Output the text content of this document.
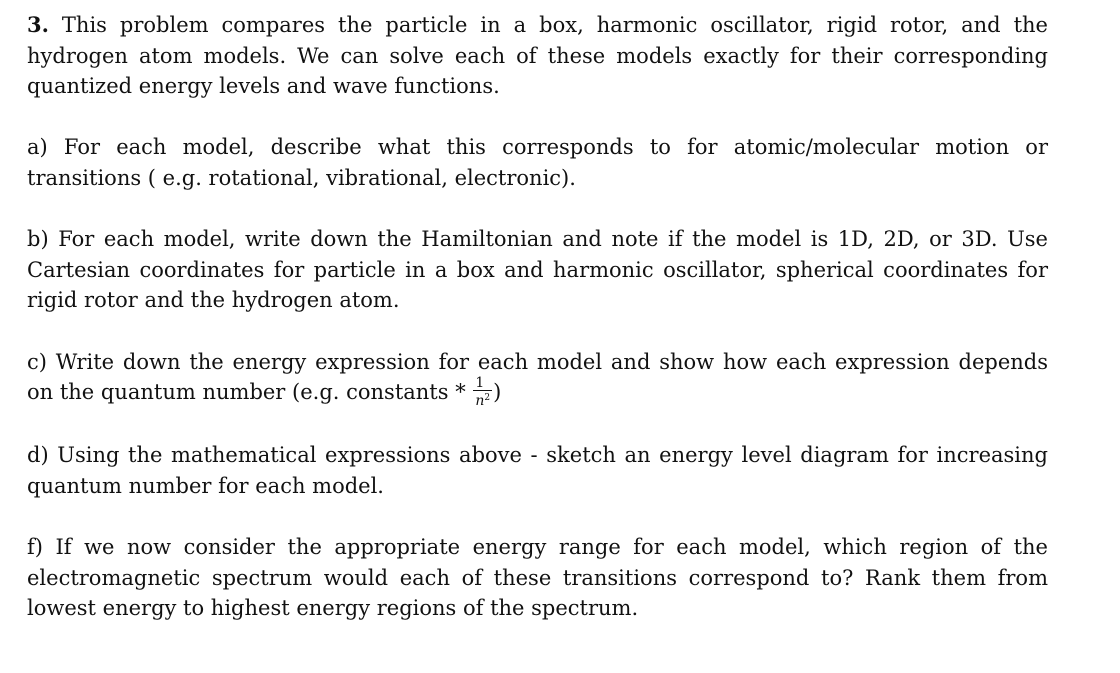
3. This problem compares the particle in a box, harmonic oscillator, rigid rotor, and the hydrogen atom models. We can solve each of these models exactly for their corresponding quantized energy levels and wave functions.

a) For each model, describe what this corresponds to for atomic/molecular motion or transitions ( e.g. rotational, vibrational, electronic).

b) For each model, write down the Hamiltonian and note if the model is 1D, 2D, or 3D. Use Cartesian coordinates for particle in a box and harmonic oscillator, spherical coordinates for rigid rotor and the hydrogen atom.

c) Write down the energy expression for each model and show how each expression depends on the quantum number (e.g. constants * $\frac{1}{n^2}$ )

d) Using the mathematical expressions above - sketch an energy level diagram for increasing quantum number for each model.

f) If we now consider the appropriate energy range for each model, which region of the electromagnetic spectrum would each of these transitions correspond to? Rank them from lowest energy to highest energy regions of the spectrum.
